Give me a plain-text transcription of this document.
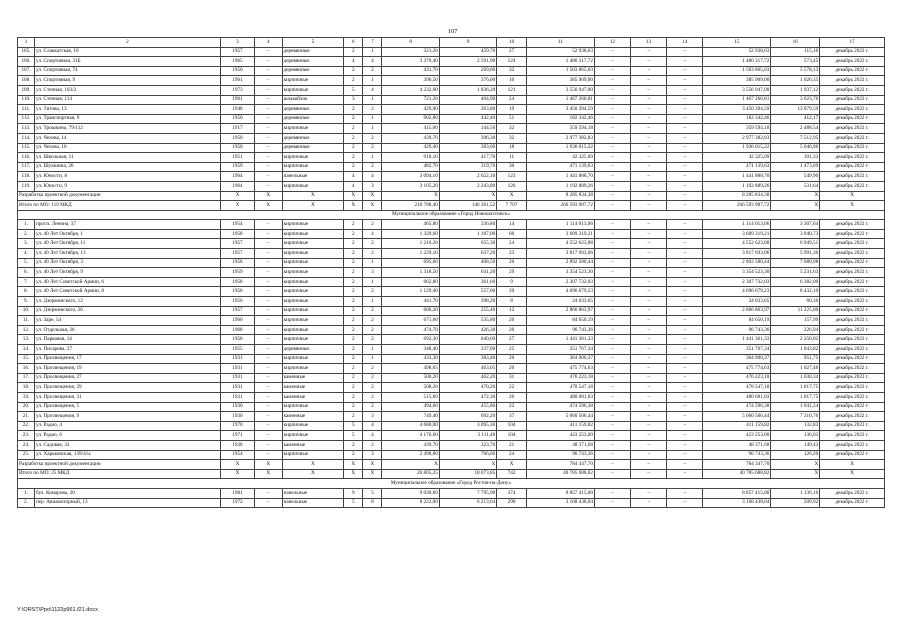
107
1	2	3	4	5	6	7	8	9	10	11	12	13	14	15	16	17
105.	ул. Слаккатская, 10	1957	–	деревянные	2	1	321,20	459,70	27	52 938,63	–	–	–	52 938,63	115,16	декабрь 2022 г.
106.	ул. Спортивная, 31Б	1965	–	деревянные	4	4	3 370,40	2 591,90	124	1 486 317,72	–	–	–	1 486 317,72	573,45	декабрь 2022 г.
107.	ул. Спортивная, 74	1950	–	деревянные	2	2	431,70	269,60	32	1 503 865,03	–	–	–	1 503 865,03	5 578,13	декабрь 2022 г.
108.	ул. Спортивная, 9	1961	–	кирпичные	2	1	396,50	376,00	10	385 909,00	–	–	–	385 909,00	1 026,35	декабрь 2022 г.
109.	ул. Степная, 103/2	1973	–	кирпичные	5	4	4 232,60	1 836,20	121	3 556 947,00	–	–	–	3 556 947,00	1 937,12	декабрь 2022 г.
110.	ул. Степная, 114	1961	–	шлакоблок	3	1	721,20	404,90	24	1 467 260,81	–	–	–	1 467 260,81	3 623,76	декабрь 2022 г.
111.	ул. Титова, 13	1948	–	деревянные	2	2	429,00	263,80	19	3 450 394,59	–	–	–	3 450 394,59	13 079,59	декабрь 2022 г.
112.	ул. Транспортная, 9	1950	–	деревянные	2	1	902,80	442,40	51	182 342,46	–	–	–	182 342,46	412,17	декабрь 2022 г.
113.	ул. Трошкина, 79/112	1917	–	кирпичные	2	1	415,00	144,50	32	359 594,18	–	–	–	359 594,18	2 488,54	декабрь 2022 г.
114.	ул. Чехова, 14	1950	–	деревянные	2	2	439,70	396,30	32	2 977 382,83	–	–	–	2 977 382,83	7 512,95	декабрь 2022 г.
115.	ул. Чехова, 18	1950	–	деревянные	2	2	429,40	383,60	18	1 936 015,22	–	–	–	1 936 015,22	5 046,96	декабрь 2022 г.
116.	ул. Школьная, 11	1951	–	кирпичные	2	1	918,10	417,70	11	42 325,09	–	–	–	42 325,09	101,33	декабрь 2022 г.
117.	ул. Шукшина, 26	1959	–	кирпичные	2	2	482,70	319,70	30	471 139,63	–	–	–	471 139,63	1 473,69	декабрь 2022 г.
118.	ул. Юности, 8	1964	–	панельные	4	4	3 094,10	2 622,10	123	1 441 888,70	–	–	–	1 441 888,70	549,90	декабрь 2022 г.
119.	ул. Юности, 9	1964	–	кирпичные	4	3	3 105,20	2 243,80	126	1 192 889,26	–	–	–	1 192 889,26	531,64	декабрь 2022 г.
Разработка проектной документации		X	X	X	X	X	X	X	X	8 285 834,38	–	–	–	8 285 834,38	X	X
Итого по МО: 119 МКД		X	X	X	X	X	210 788,40	146 361,52	7 707	266 593 987,72	–	–	–	266 593 987,72	X	X
Муниципальное образование «Город Новошахтинск»																
1.	просп. Ленина, 37	1954	–	кирпичные	2	2	465,80	336,80	14	1 114 013,06	–	–	–	1 114 013,06	3 307,64	декабрь 2022 г.
2.	ул. 40 Лет Октября, 1	1958	–	кирпичные	2	4	1 329,60	1 187,00	60	3 609 319,21	–	–	–	3 609 319,21	3 040,73	декабрь 2022 г.
3.	ул. 40 Лет Октября, 11	1957	–	кирпичные	2	2	1 210,20	655,30	24	4 552 623,88	–	–	–	4 552 623,88	6 949,51	декабрь 2022 г.
4.	ул. 40 Лет Октября, 13	1957	–	кирпичные	2	2	1 229,10	637,20	23	3 817 693,06	–	–	–	3 817 693,06	5 991,36	декабрь 2022 г.
5.	ул. 40 Лет Октября, 3	1958	–	кирпичные	2	1	695,60	408,50	20	2 892 580,44	–	–	–	2 892 580,44	7 080,98	декабрь 2022 г.
6.	ул. 40 Лет Октября, 9	1959	–	кирпичные	2	3	1 318,50	641,20	29	3 354 523,30	–	–	–	3 354 523,30	5 231,63	декабрь 2022 г.
7.	ул. 40 Лет Советской Армии, 6	1958	–	кирпичные	2	1	662,80	361,60	9	2 307 732,03	–	–	–	2 307 732,03	6 382,00	декабрь 2022 г.
8.	ул. 40 Лет Советской Армии, 8	1958	–	кирпичные	2	2	1 129,40	557,00	20	4 696 679,23	–	–	–	4 696 679,23	8 432,10	декабрь 2022 г.
9.	ул. Дзержинского, 12	1956	–	кирпичные	2	1	441,70	398,20	8	24 033,65	–	–	–	24 033,65	60,36	декабрь 2022 г.
10.	ул. Дзержинского, 26	1957	–	кирпичные	2	2	606,20	255,40	12	2 866 863,97	–	–	–	2 866 863,97	11 225,00	декабрь 2022 г.
11.	ул. Заре, 54	1960	–	кирпичные	2	2	671,60	535,80	20	84 650,19	–	–	–	84 650,19	157,99	декабрь 2022 г.
12.	ул. Отдельная, 26	1968	–	кирпичные	2	2	474,70	426,30	20	96 743,36	–	–	–	96 743,36	226,94	декабрь 2022 г.
13.	ул. Парковая, 14	1958	–	кирпичные	2	2	692,30	640,60	27	1 441 361,33	–	–	–	1 441 361,33	2 250,02	декабрь 2022 г.
14.	ул. Писарева, 27	1955	–	деревянные	2	1	348,40	337,00	25	351 767,34	–	–	–	351 767,34	1 043,82	декабрь 2022 г.
15.	ул. Просвещения, 17	1931	–	кирпичные	2	1	433,30	383,40	20	364 900,37	–	–	–	364 900,37	951,75	декабрь 2022 г.
16.	ул. Просвещения, 19	1931	–	кирпичные	2	2	498,65	463,05	20	475 774,63	–	–	–	475 774,63	1 027,48	декабрь 2022 г.
17.	ул. Просвещения, 27	1931	–	каменные	2	2	500,20	462,20	31	476 223,18	–	–	–	476 223,18	1 030,34	декабрь 2022 г.
18.	ул. Просвещения, 29	1931	–	каменные	2	2	508,20	470,20	22	478 547,18	–	–	–	478 547,18	1 017,75	декабрь 2022 г.
19.	ул. Просвещения, 31	1931	–	каменные	2	2	515,60	472,30	26	480 681,03	–	–	–	480 681,03	1 017,75	декабрь 2022 г.
20.	ул. Просвещения, 5	1930	–	кирпичные	2	2	494,60	455,80	22	474 596,38	–	–	–	474 596,38	1 041,24	декабрь 2022 г.
21.	ул. Просвещения, 9	1930	–	каменные	2	3	749,40	692,20	37	5 060 506,44	–	–	–	5 060 506,44	7 310,76	декабрь 2022 г.
22.	ул. Радио, 4	1970	–	кирпичные	5	4	4 680,00	3 095,30	104	411 159,82	–	–	–	411 159,82	132,83	декабрь 2022 г.
23.	ул. Радио, 6	1971	–	кирпичные	5	4	4 176,60	3 111,40	104	423 253,00	–	–	–	423 253,00	136,03	декабрь 2022 г.
24.	ул. Садовая, 33	1938	–	каменные	2	2	439,70	323,70	21	48 371,68	–	–	–	48 371,68	149,43	декабрь 2022 г.
25.	ул. Харьковская, 139/41а	1954	–	кирпичные	2	3	2 498,80	766,60	24	96 743,36	–	–	–	96 743,36	126,20	декабрь 2022 г.
Разработка проектной документации		X	X	X	X	X	X	X	X	784 347,70	–	–	–	784 347,70	X	X
Итого по МО: 25 МКД		X	X	X	X	X	26 805,25	18 073,85	742	40 785 688,82	–	–	–	40 785 688,82	X	X
Муниципальное образование «Город Ростов-на-Дону»																
1.	бул. Комарова, 20	1981	–	панельные	9	5	9 030,60	7 795,90	374	8 857 415,00	–	–	–	8 857 415,00	1 136,16	декабрь 2022 г.
2.	пер. Авиамоторный, 13	1972	–	панельные	5	8	8 222,00	6 213,64	298	3 168 438,04	–	–	–	3 168 438,04	509,92	декабрь 2022 г.
Y:\ORST\Ppo\1122p961.f21.docx
